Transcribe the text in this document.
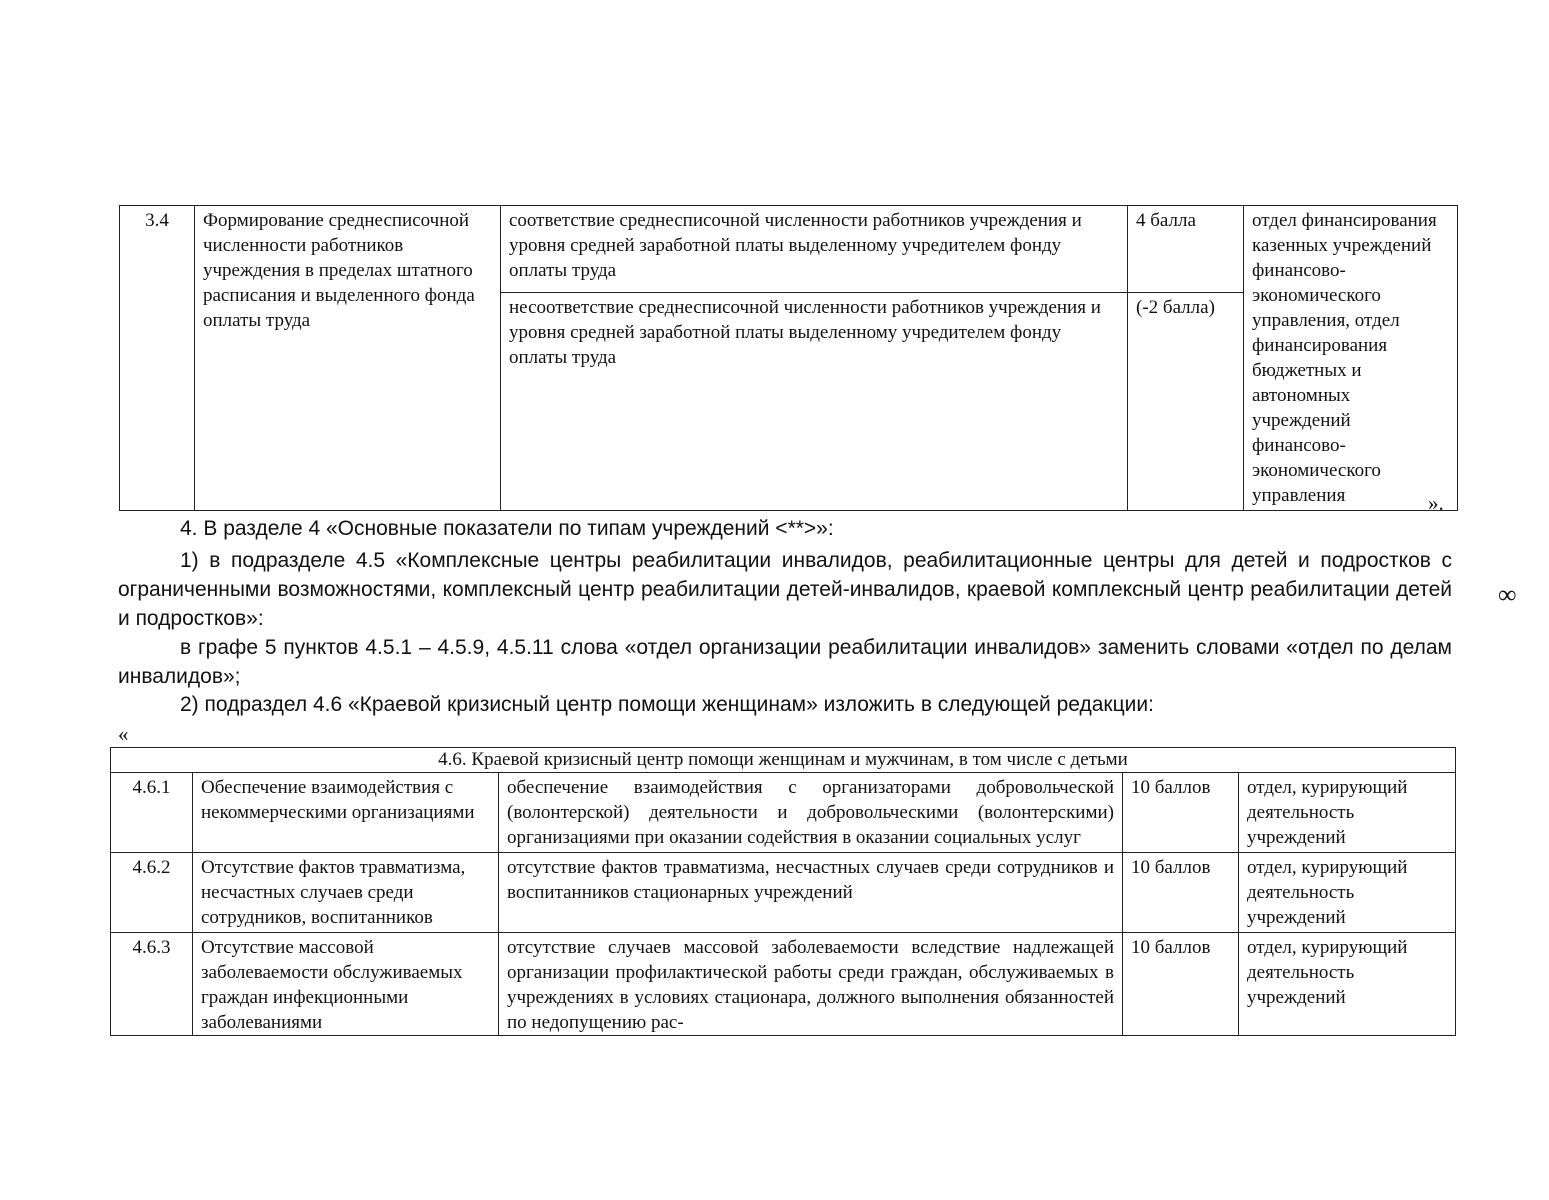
3.4	Формирование среднесписочной численности работников учреждения в пределах штатного расписания и выделенного фонда оплаты труда	соответствие среднесписочной численности работников учреждения и уровня средней заработной платы выделенному учредителем фонду оплаты труда	4 балла	отдел финансирования казенных учреждений финансово-экономического управления, отдел финансирования бюджетных и автономных учреждений финансово-экономического управления
		несоответствие среднесписочной численности работников учреждения и уровня средней заработной платы выделенному учредителем фонду оплаты труда	(-2 балла)	
».

4. В разделе 4 «Основные показатели по типам учреждений <**>»:

1) в подразделе 4.5 «Комплексные центры реабилитации инвалидов, реабилитационные центры для детей и подростков с ограниченными возможностями, комплексный центр реабилитации детей-инвалидов, краевой комплексный центр реабилитации детей и подростков»:

в графе 5 пунктов 4.5.1 – 4.5.9, 4.5.11 слова «отдел организации реабилитации инвалидов» заменить словами «отдел по делам инвалидов»;

2) подраздел 4.6 «Краевой кризисный центр помощи женщинам» изложить в следующей редакции:

∞
«
4.6. Краевой кризисный центр помощи женщинам и мужчинам, в том числе с детьми				
4.6.1	Обеспечение взаимодействия с некоммерческими организациями	обеспечение взаимодействия с организаторами добровольческой (волонтерской) деятельности и добровольческими (волонтерскими) организациями при оказании содействия в оказании социальных услуг	10 баллов	отдел, курирующий деятельность учреждений
4.6.2	Отсутствие фактов травматизма, несчастных случаев среди сотрудников, воспитанников	отсутствие фактов травматизма, несчастных случаев среди сотрудников и воспитанников стационарных учреждений	10 баллов	отдел, курирующий деятельность учреждений
4.6.3	Отсутствие массовой заболеваемости обслуживаемых граждан инфекционными заболеваниями	отсутствие случаев массовой заболеваемости вследствие надлежащей организации профилактической работы среди граждан, обслуживаемых в учреждениях в условиях стационара, должного выполнения обязанностей по недопущению рас-	10 баллов	отдел, курирующий деятельность учреждений
